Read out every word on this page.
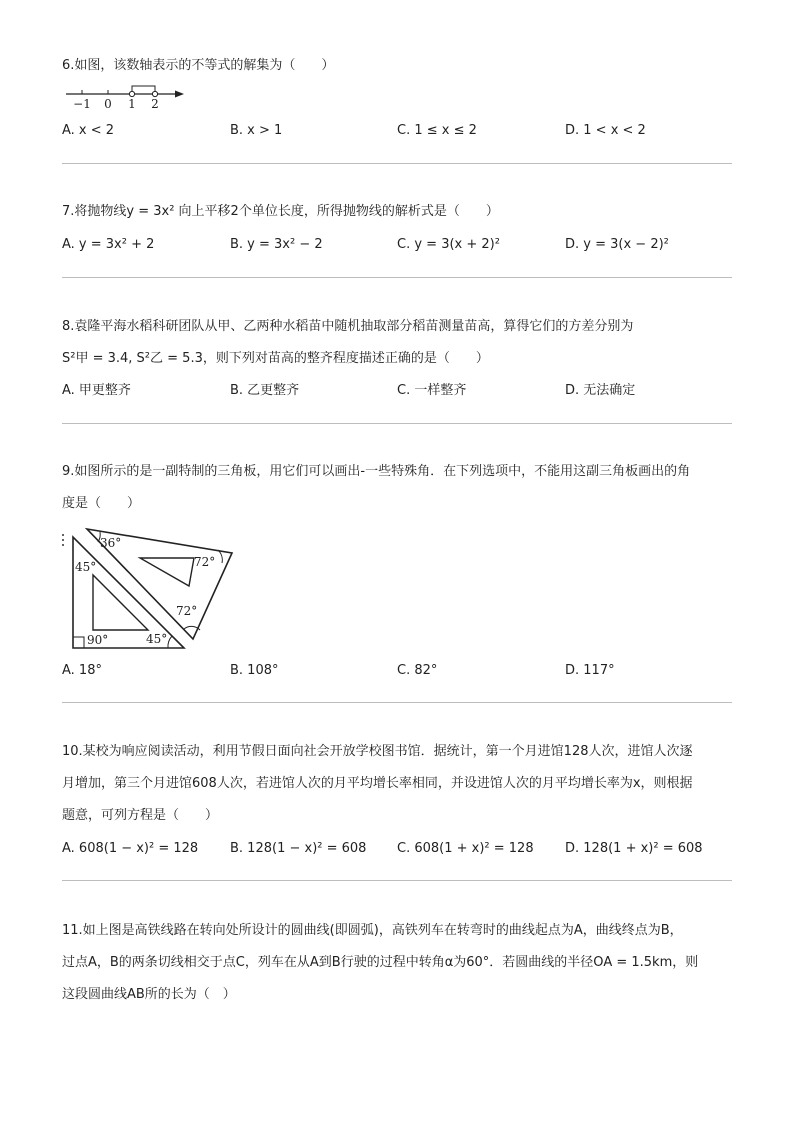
6.如图，该数轴表示的不等式的解集为（　　）
−1 0 1 2
A. x < 2	B. x > 1	C. 1 ≤ x ≤ 2	D. 1 < x < 2
7.将抛物线y = 3x² 向上平移2个单位长度，所得抛物线的解析式是（　　）
A. y = 3x² + 2	B. y = 3x² − 2	C. y = 3(x + 2)²	D. y = 3(x − 2)²
8.袁隆平海水稻科研团队从甲、乙两种水稻苗中随机抽取部分稻苗测量苗高，算得它们的方差分别为
S²甲 = 3.4, S²乙 = 5.3，则下列对苗高的整齐程度描述正确的是（　　）
A. 甲更整齐	B. 乙更整齐	C. 一样整齐	D. 无法确定
9.如图所示的是一副特制的三角板，用它们可以画出-一些特殊角．在下列选项中，不能用这副三角板画出的角
度是（　　）
36°
45°	72°
72°
90°	45°
A. 18°	B. 108°	C. 82°	D. 117°
10.某校为响应阅读活动，利用节假日面向社会开放学校图书馆．据统计，第一个月进馆128人次，进馆人次逐
月增加，第三个月进馆608人次，若进馆人次的月平均增长率相同，并设进馆人次的月平均增长率为x，则根据
题意，可列方程是（　　）
A. 608(1 − x)² = 128 B. 128(1 − x)² = 608 C. 608(1 + x)² = 128 D. 128(1 + x)² = 608
11.如上图是高铁线路在转向处所设计的圆曲线(即圆弧)，高铁列车在转弯时的曲线起点为A，曲线终点为B，
过点A，B的两条切线相交于点C，列车在从A到B行驶的过程中转角α为60°．若圆曲线的半径OA = 1.5km，则
这段圆曲线AB所的长为（　）
